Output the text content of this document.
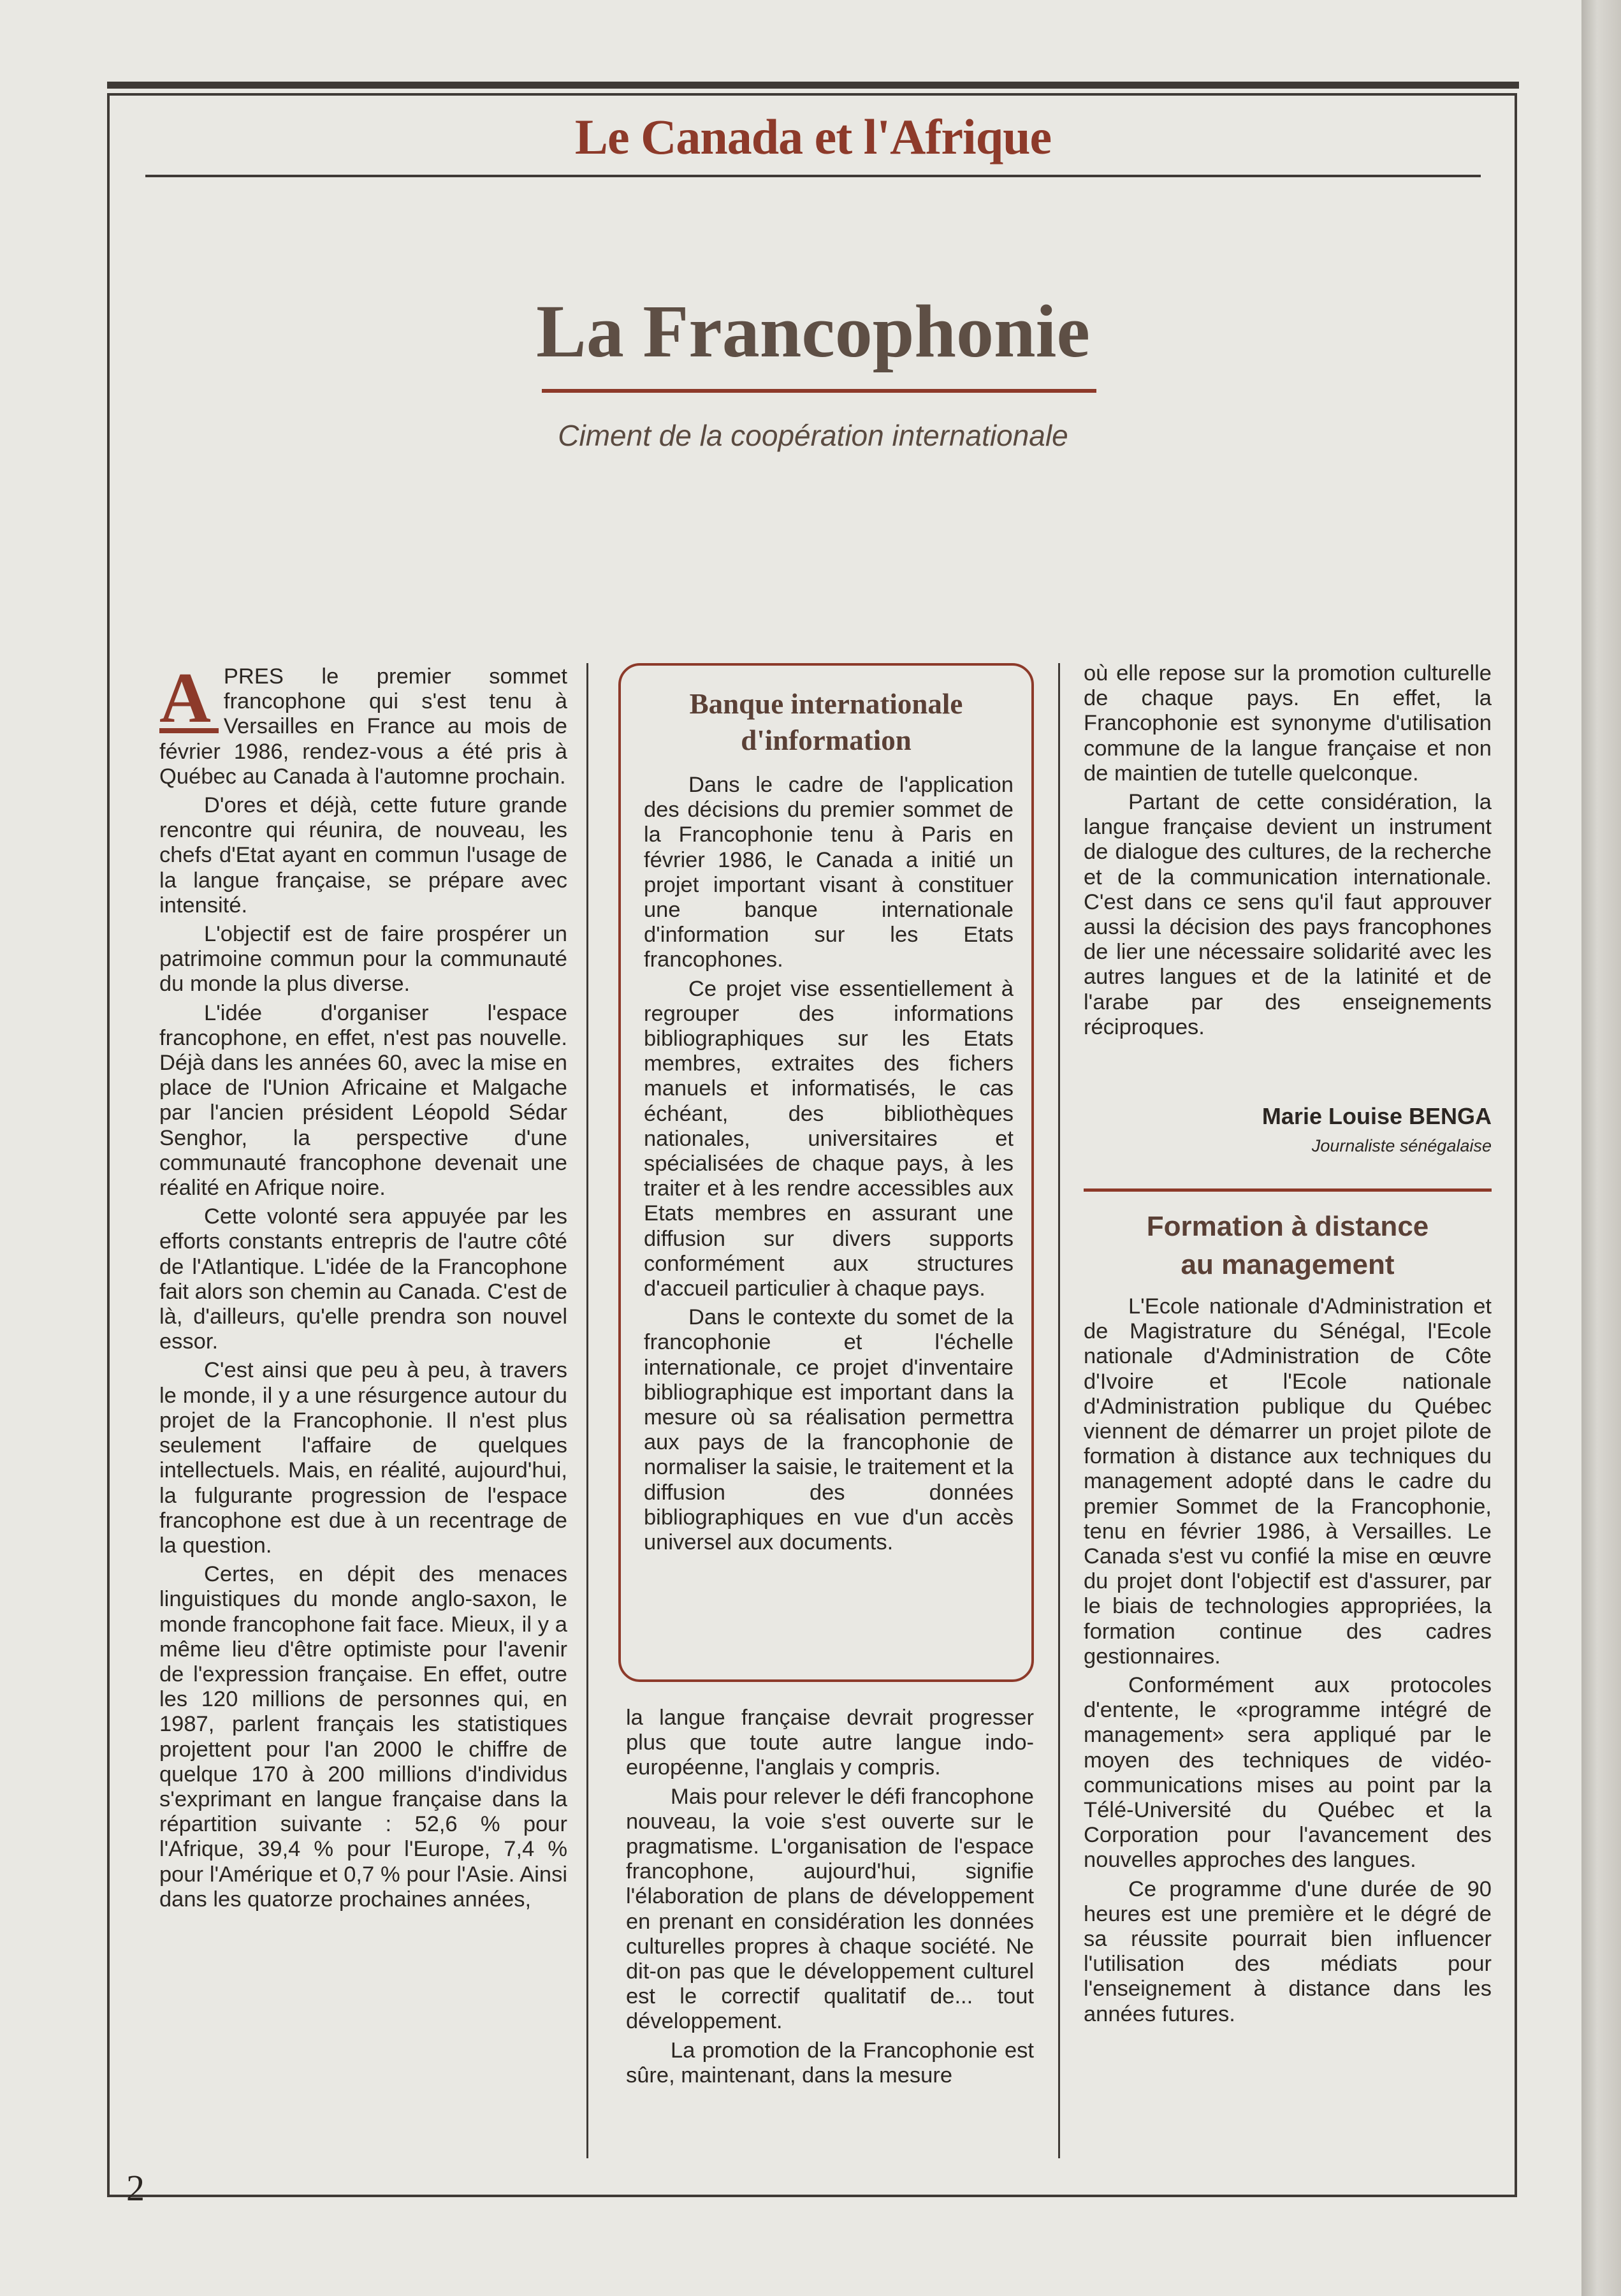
Le Canada et l'Afrique
La Francophonie
Ciment de la coopération internationale

A PRES le premier sommet francophone qui s'est tenu à Versailles en France au mois de février 1986, rendez-vous a été pris à Québec au Canada à l'automne prochain.

D'ores et déjà, cette future grande rencontre qui réunira, de nouveau, les chefs d'Etat ayant en commun l'usage de la langue française, se prépare avec intensité.

L'objectif est de faire prospérer un patrimoine commun pour la communauté du monde la plus diverse.

L'idée d'organiser l'espace francophone, en effet, n'est pas nouvelle. Déjà dans les années 60, avec la mise en place de l'Union Africaine et Malgache par l'ancien président Léopold Sédar Senghor, la perspective d'une communauté francophone devenait une réalité en Afrique noire.

Cette volonté sera appuyée par les efforts constants entrepris de l'autre côté de l'Atlantique. L'idée de la Francophone fait alors son chemin au Canada. C'est de là, d'ailleurs, qu'elle prendra son nouvel essor.

C'est ainsi que peu à peu, à travers le monde, il y a une résurgence autour du projet de la Francophonie. Il n'est plus seulement l'affaire de quelques intellectuels. Mais, en réalité, aujourd'hui, la fulgurante progression de l'espace francophone est due à un recentrage de la question.

Certes, en dépit des menaces linguistiques du monde anglo-saxon, le monde francophone fait face. Mieux, il y a même lieu d'être optimiste pour l'avenir de l'expression française. En effet, outre les 120 millions de personnes qui, en 1987, parlent français les statistiques projettent pour l'an 2000 le chiffre de quelque 170 à 200 millions d'individus s'exprimant en langue française dans la répartition suivante : 52,6 % pour l'Afrique, 39,4 % pour l'Europe, 7,4 % pour l'Amérique et 0,7 % pour l'Asie. Ainsi dans les quatorze prochaines années,

Banque internationale
d'information

Dans le cadre de l'application des décisions du premier sommet de la Francophonie tenu à Paris en février 1986, le Canada a initié un projet important visant à constituer une banque internationale d'information sur les Etats francophones.

Ce projet vise essentiellement à regrouper des informations bibliographiques sur les Etats membres, extraites des fichers manuels et informatisés, le cas échéant, des bibliothèques nationales, universitaires et spécialisées de chaque pays, à les traiter et à les rendre accessibles aux Etats membres en assurant une diffusion sur divers supports conformément aux structures d'accueil particulier à chaque pays.

Dans le contexte du somet de la francophonie et l'échelle internationale, ce projet d'inventaire bibliographique est important dans la mesure où sa réalisation permettra aux pays de la francophonie de normaliser la saisie, le traitement et la diffusion des données bibliographiques en vue d'un accès universel aux documents.

la langue française devrait progresser plus que toute autre langue indo-européenne, l'anglais y compris.

Mais pour relever le défi francophone nouveau, la voie s'est ouverte sur le pragmatisme. L'organisation de l'espace francophone, aujourd'hui, signifie l'élaboration de plans de développement en prenant en considération les données culturelles propres à chaque société. Ne dit-on pas que le développement culturel est le correctif qualitatif de... tout développement.

La promotion de la Francophonie est sûre, maintenant, dans la mesure

où elle repose sur la promotion culturelle de chaque pays. En effet, la Francophonie est synonyme d'utilisation commune de la langue française et non de maintien de tutelle quelconque.

Partant de cette considération, la langue française devient un instrument de dialogue des cultures, de la recherche et de la communication internationale. C'est dans ce sens qu'il faut approuver aussi la décision des pays francophones de lier une nécessaire solidarité avec les autres langues et de la latinité et de l'arabe par des enseignements réciproques.

Marie Louise BENGA
Journaliste sénégalaise
Formation à distance
au management

L'Ecole nationale d'Administration et de Magistrature du Sénégal, l'Ecole nationale d'Administration de Côte d'Ivoire et l'Ecole nationale d'Administration publique du Québec viennent de démarrer un projet pilote de formation à distance aux techniques du management adopté dans le cadre du premier Sommet de la Francophonie, tenu en février 1986, à Versailles. Le Canada s'est vu confié la mise en œuvre du projet dont l'objectif est d'assurer, par le biais de technologies appropriées, la formation continue des cadres gestionnaires.

Conformément aux protocoles d'entente, le «programme intégré de management» sera appliqué par le moyen des techniques de vidéo-communications mises au point par la Télé-Université du Québec et la Corporation pour l'avancement des nouvelles approches des langues.

Ce programme d'une durée de 90 heures est une première et le dégré de sa réussite pourrait bien influencer l'utilisation des médiats pour l'enseignement à distance dans les années futures.

2
